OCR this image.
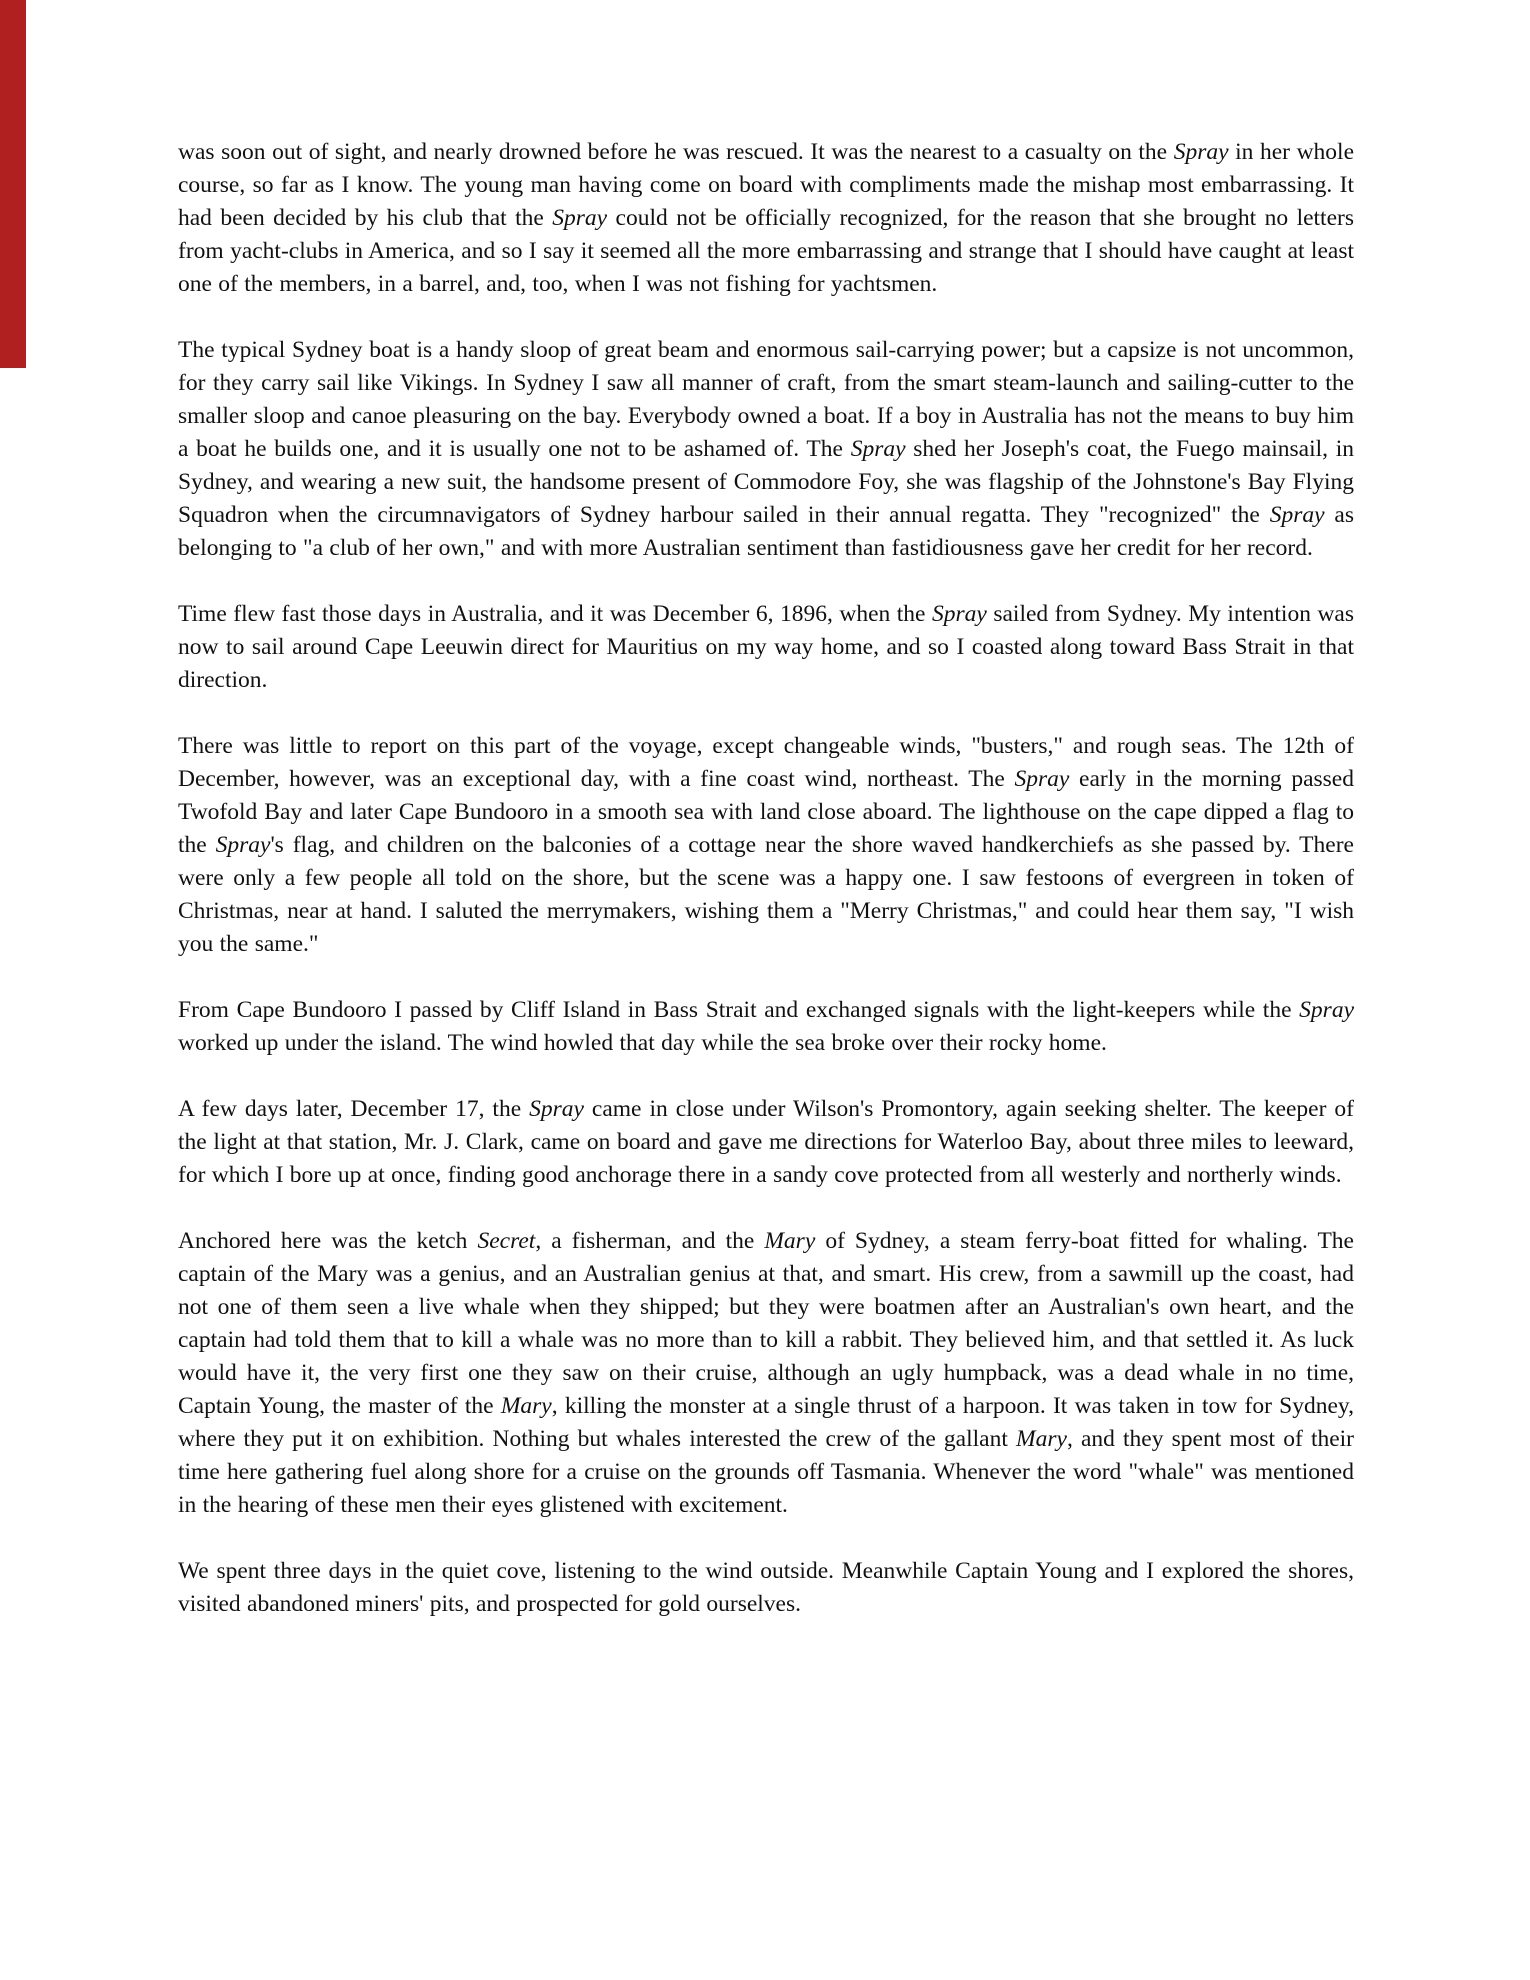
was soon out of sight, and nearly drowned before he was rescued. It was the nearest to a casualty on the Spray in her whole course, so far as I know. The young man having come on board with compliments made the mishap most embarrassing. It had been decided by his club that the Spray could not be officially recognized, for the reason that she brought no letters from yacht-clubs in America, and so I say it seemed all the more embarrassing and strange that I should have caught at least one of the members, in a barrel, and, too, when I was not fishing for yachtsmen.

The typical Sydney boat is a handy sloop of great beam and enormous sail-carrying power; but a capsize is not uncommon, for they carry sail like Vikings. In Sydney I saw all manner of craft, from the smart steam-launch and sailing-cutter to the smaller sloop and canoe pleasuring on the bay. Everybody owned a boat. If a boy in Australia has not the means to buy him a boat he builds one, and it is usually one not to be ashamed of. The Spray shed her Joseph's coat, the Fuego mainsail, in Sydney, and wearing a new suit, the handsome present of Commodore Foy, she was flagship of the Johnstone's Bay Flying Squadron when the circumnavigators of Sydney harbour sailed in their annual regatta. They "recognized" the Spray as belonging to "a club of her own," and with more Australian sentiment than fastidiousness gave her credit for her record.

Time flew fast those days in Australia, and it was December 6, 1896, when the Spray sailed from Sydney. My intention was now to sail around Cape Leeuwin direct for Mauritius on my way home, and so I coasted along toward Bass Strait in that direction.

There was little to report on this part of the voyage, except changeable winds, "busters," and rough seas. The 12th of December, however, was an exceptional day, with a fine coast wind, northeast. The Spray early in the morning passed Twofold Bay and later Cape Bundooro in a smooth sea with land close aboard. The lighthouse on the cape dipped a flag to the Spray's flag, and children on the balconies of a cottage near the shore waved handkerchiefs as she passed by. There were only a few people all told on the shore, but the scene was a happy one. I saw festoons of evergreen in token of Christmas, near at hand. I saluted the merrymakers, wishing them a "Merry Christmas," and could hear them say, "I wish you the same."

From Cape Bundooro I passed by Cliff Island in Bass Strait and exchanged signals with the light-keepers while the Spray worked up under the island. The wind howled that day while the sea broke over their rocky home.

A few days later, December 17, the Spray came in close under Wilson's Promontory, again seeking shelter. The keeper of the light at that station, Mr. J. Clark, came on board and gave me directions for Waterloo Bay, about three miles to leeward, for which I bore up at once, finding good anchorage there in a sandy cove protected from all westerly and northerly winds.

Anchored here was the ketch Secret, a fisherman, and the Mary of Sydney, a steam ferry-boat fitted for whaling. The captain of the Mary was a genius, and an Australian genius at that, and smart. His crew, from a sawmill up the coast, had not one of them seen a live whale when they shipped; but they were boatmen after an Australian's own heart, and the captain had told them that to kill a whale was no more than to kill a rabbit. They believed him, and that settled it. As luck would have it, the very first one they saw on their cruise, although an ugly humpback, was a dead whale in no time, Captain Young, the master of the Mary, killing the monster at a single thrust of a harpoon. It was taken in tow for Sydney, where they put it on exhibition. Nothing but whales interested the crew of the gallant Mary, and they spent most of their time here gathering fuel along shore for a cruise on the grounds off Tasmania. Whenever the word "whale" was mentioned in the hearing of these men their eyes glistened with excitement.

We spent three days in the quiet cove, listening to the wind outside. Meanwhile Captain Young and I explored the shores, visited abandoned miners' pits, and prospected for gold ourselves.
